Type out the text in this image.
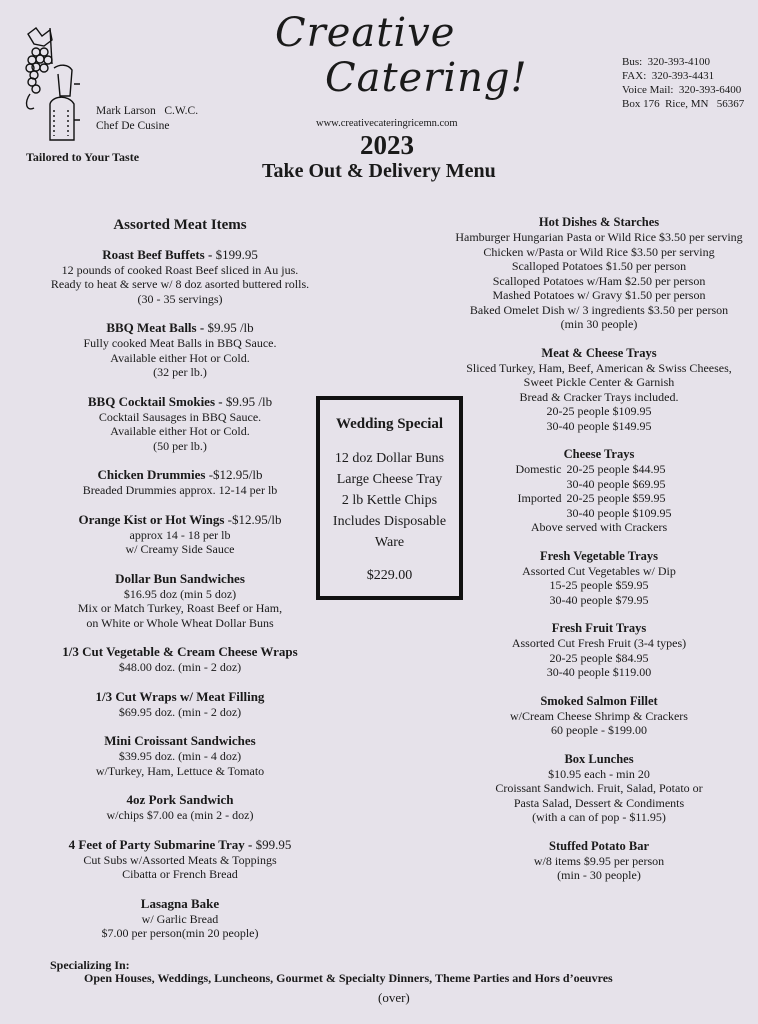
Mark Larson   C.W.C.
Chef De Cusine
Tailored to Your Taste
Creative
Catering!
www.creativecateringricemn.com
2023
Take Out & Delivery Menu
Bus:  320-393-4100
FAX:  320-393-4431
Voice Mail:  320-393-6400
Box 176  Rice, MN   56367
Assorted Meat Items
Roast Beef Buffets - $199.95
12 pounds of cooked Roast Beef sliced in Au jus.
Ready to heat & serve w/ 8 doz asorted buttered rolls.
(30 - 35 servings)
BBQ Meat Balls - $9.95 /lb
Fully cooked Meat Balls in BBQ Sauce.
Available either Hot or Cold.
(32 per lb.)
BBQ Cocktail Smokies - $9.95 /lb
Cocktail Sausages in BBQ Sauce.
Available either Hot or Cold.
(50 per lb.)
Chicken Drummies -$12.95/lb
Breaded Drummies approx. 12-14 per lb
Orange Kist or Hot Wings -$12.95/lb
approx 14 - 18 per lb
w/ Creamy Side Sauce
Dollar Bun Sandwiches
$16.95 doz (min 5 doz)
Mix or Match Turkey, Roast Beef or Ham,
on White or Whole Wheat Dollar Buns
1/3 Cut Vegetable & Cream Cheese Wraps
$48.00 doz. (min - 2 doz)
1/3 Cut Wraps w/ Meat Filling
$69.95 doz. (min - 2 doz)
Mini Croissant Sandwiches
$39.95 doz. (min - 4 doz)
w/Turkey, Ham, Lettuce & Tomato
4oz Pork Sandwich
w/chips $7.00 ea (min 2 - doz)
4 Feet of Party Submarine Tray - $99.95
Cut Subs w/Assorted Meats & Toppings
Cibatta or French Bread
Lasagna Bake
w/ Garlic Bread
$7.00 per person(min 20 people)
Wedding Special
12 doz Dollar Buns
Large Cheese Tray
2 lb Kettle Chips
Includes Disposable
Ware
$229.00
Hot Dishes & Starches
Hamburger Hungarian Pasta or Wild Rice $3.50 per serving
Chicken w/Pasta or Wild Rice $3.50 per serving
Scalloped Potatoes $1.50 per person
Scalloped Potatoes w/Ham $2.50 per person
Mashed Potatoes w/ Gravy $1.50 per person
Baked Omelet Dish w/ 3 ingredients $3.50 per person
(min 30 people)
Meat & Cheese Trays
Sliced Turkey, Ham, Beef, American & Swiss Cheeses,
Sweet Pickle Center & Garnish
Bread & Cracker Trays included.
20-25 people $109.95
30-40 people $149.95
Cheese Trays
Domestic 20-25 people $44.95
30-40 people $69.95
Imported 20-25 people $59.95
30-40 people $109.95
Above served with Crackers
Fresh Vegetable Trays
Assorted Cut Vegetables w/ Dip
15-25 people $59.95
30-40 people $79.95
Fresh Fruit Trays
Assorted Cut Fresh Fruit (3-4 types)
20-25 people $84.95
30-40 people $119.00
Smoked Salmon Fillet
w/Cream Cheese Shrimp & Crackers
60 people - $199.00
Box Lunches
$10.95 each - min 20
Croissant Sandwich. Fruit, Salad, Potato or
Pasta Salad, Dessert & Condiments
(with a can of pop - $11.95)
Stuffed Potato Bar
w/8 items $9.95 per person
(min - 30 people)
Specializing In:
Open Houses, Weddings, Luncheons, Gourmet & Specialty Dinners, Theme Parties and Hors d’oeuvres
(over)
